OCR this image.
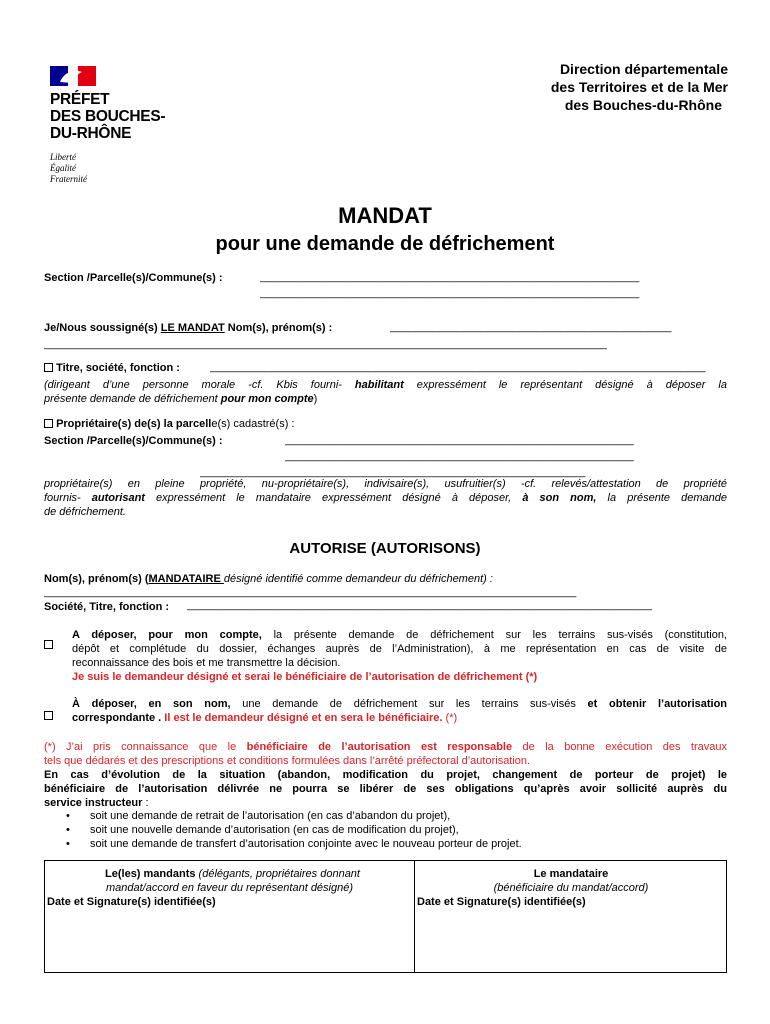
PRÉFET
DES BOUCHES-
DU-RHÔNE
Liberté
Égalité
Fraternité
Direction départementale
des Territoires et de la Mer
des Bouches-du-Rhône
MANDAT
pour une demande de défrichement
Section /Parcelle(s)/Commune(s) :	______________________________________________________________
______________________________________________________________
Je/Nous soussigné(s) LE MANDAT Nom(s), prénom(s) :	______________________________________________
____________________________________________________________________________________________
Titre, société, fonction :	_________________________________________________________________________________
(dirigeant d’une personne morale -cf. Kbis fourni- habilitant expressément le représentant désigné à déposer la
présente demande de défrichement pour mon compte)
Propriétaire(s) de(s) la parcelle(s) cadastré(s) :
Section /Parcelle(s)/Commune(s) :	_________________________________________________________
_________________________________________________________
_______________________________________________________________
propriétaire(s) en pleine propriété, nu-propriétaire(s), indivisaire(s), usufruitier(s) -cf. relevés/attestation de propriété
fournis- autorisant expressément le mandataire expressément désigné à déposer, à son nom, la présente demande
de défrichement.
AUTORISE (AUTORISONS)
Nom(s), prénom(s) (MANDATAIRE désigné identifié comme demandeur du défrichement) :
_______________________________________________________________________________________
Société, Titre, fonction : ____________________________________________________________________________
A déposer, pour mon compte, la présente demande de défrichement sur les terrains sus-visés (constitution,
dépôt et complétude du dossier, échanges auprès de l’Administration), à me représentation en cas de visite de
reconnaissance des bois et me transmettre la décision.
Je suis le demandeur désigné et serai le bénéficiaire de l’autorisation de défrichement (*)
À déposer, en son nom, une demande de défrichement sur les terrains sus-visés et obtenir l’autorisation
correspondante . Il est le demandeur désigné et en sera le bénéficiaire. (*)
(*) J’ai pris connaissance que le bénéficiaire de l’autorisation est responsable de la bonne exécution des travaux
tels que dédarés et des prescriptions et conditions formulées dans l’arrêté préfectoral d’autorisation.
En cas d’évolution de la situation (abandon, modification du projet, changement de porteur de projet) le
bénéficiaire de l’autorisation délivrée ne pourra se libérer de ses obligations qu’après avoir sollicité auprès du
service instructeur :
• soit une demande de retrait de l’autorisation (en cas d’abandon du projet),
• soit une nouvelle demande d’autorisation (en cas de modification du projet),
• soit une demande de transfert d’autorisation conjointe avec le nouveau porteur de projet.
Le(les) mandants (délégants, propriétaires donnant
mandat/accord en faveur du représentant désigné)
Date et Signature(s) identifiée(s)
Le mandataire
(bénéficiaire du mandat/accord)
Date et Signature(s) identifiée(s)
